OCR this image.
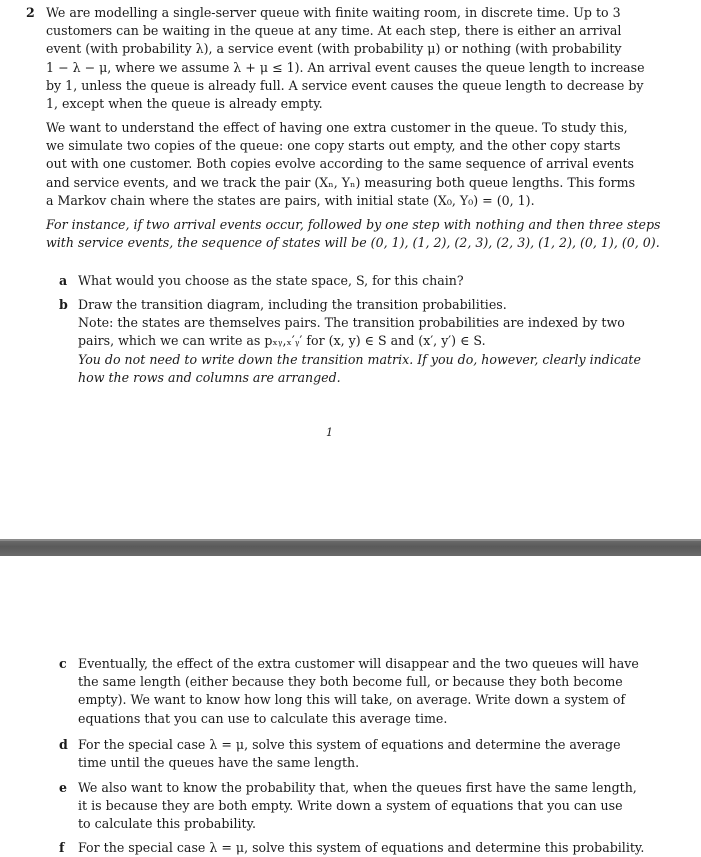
2 We are modelling a single-server queue with finite waiting room, in discrete time. Up to 3
customers can be waiting in the queue at any time. At each step, there is either an arrival
event (with probability λ), a service event (with probability μ) or nothing (with probability
1 − λ − μ, where we assume λ + μ ≤ 1). An arrival event causes the queue length to increase
by 1, unless the queue is already full. A service event causes the queue length to decrease by
1, except when the queue is already empty.
We want to understand the effect of having one extra customer in the queue. To study this,
we simulate two copies of the queue: one copy starts out empty, and the other copy starts
out with one customer. Both copies evolve according to the same sequence of arrival events
and service events, and we track the pair (Xₙ, Yₙ) measuring both queue lengths. This forms
a Markov chain where the states are pairs, with initial state (X₀, Y₀) = (0, 1).
For instance, if two arrival events occur, followed by one step with nothing and then three steps
with service events, the sequence of states will be (0, 1), (1, 2), (2, 3), (2, 3), (1, 2), (0, 1), (0, 0).
a What would you choose as the state space, S, for this chain?
b Draw the transition diagram, including the transition probabilities.
Note: the states are themselves pairs. The transition probabilities are indexed by two
pairs, which we can write as pₓᵧ,ₓ′ᵧ′ for (x, y) ∈ S and (x′, y′) ∈ S.
You do not need to write down the transition matrix. If you do, however, clearly indicate
how the rows and columns are arranged.
1
c Eventually, the effect of the extra customer will disappear and the two queues will have
the same length (either because they both become full, or because they both become
empty). We want to know how long this will take, on average. Write down a system of
equations that you can use to calculate this average time.
d For the special case λ = μ, solve this system of equations and determine the average
time until the queues have the same length.
e We also want to know the probability that, when the queues first have the same length,
it is because they are both empty. Write down a system of equations that you can use
to calculate this probability.
f For the special case λ = μ, solve this system of equations and determine this probability.
